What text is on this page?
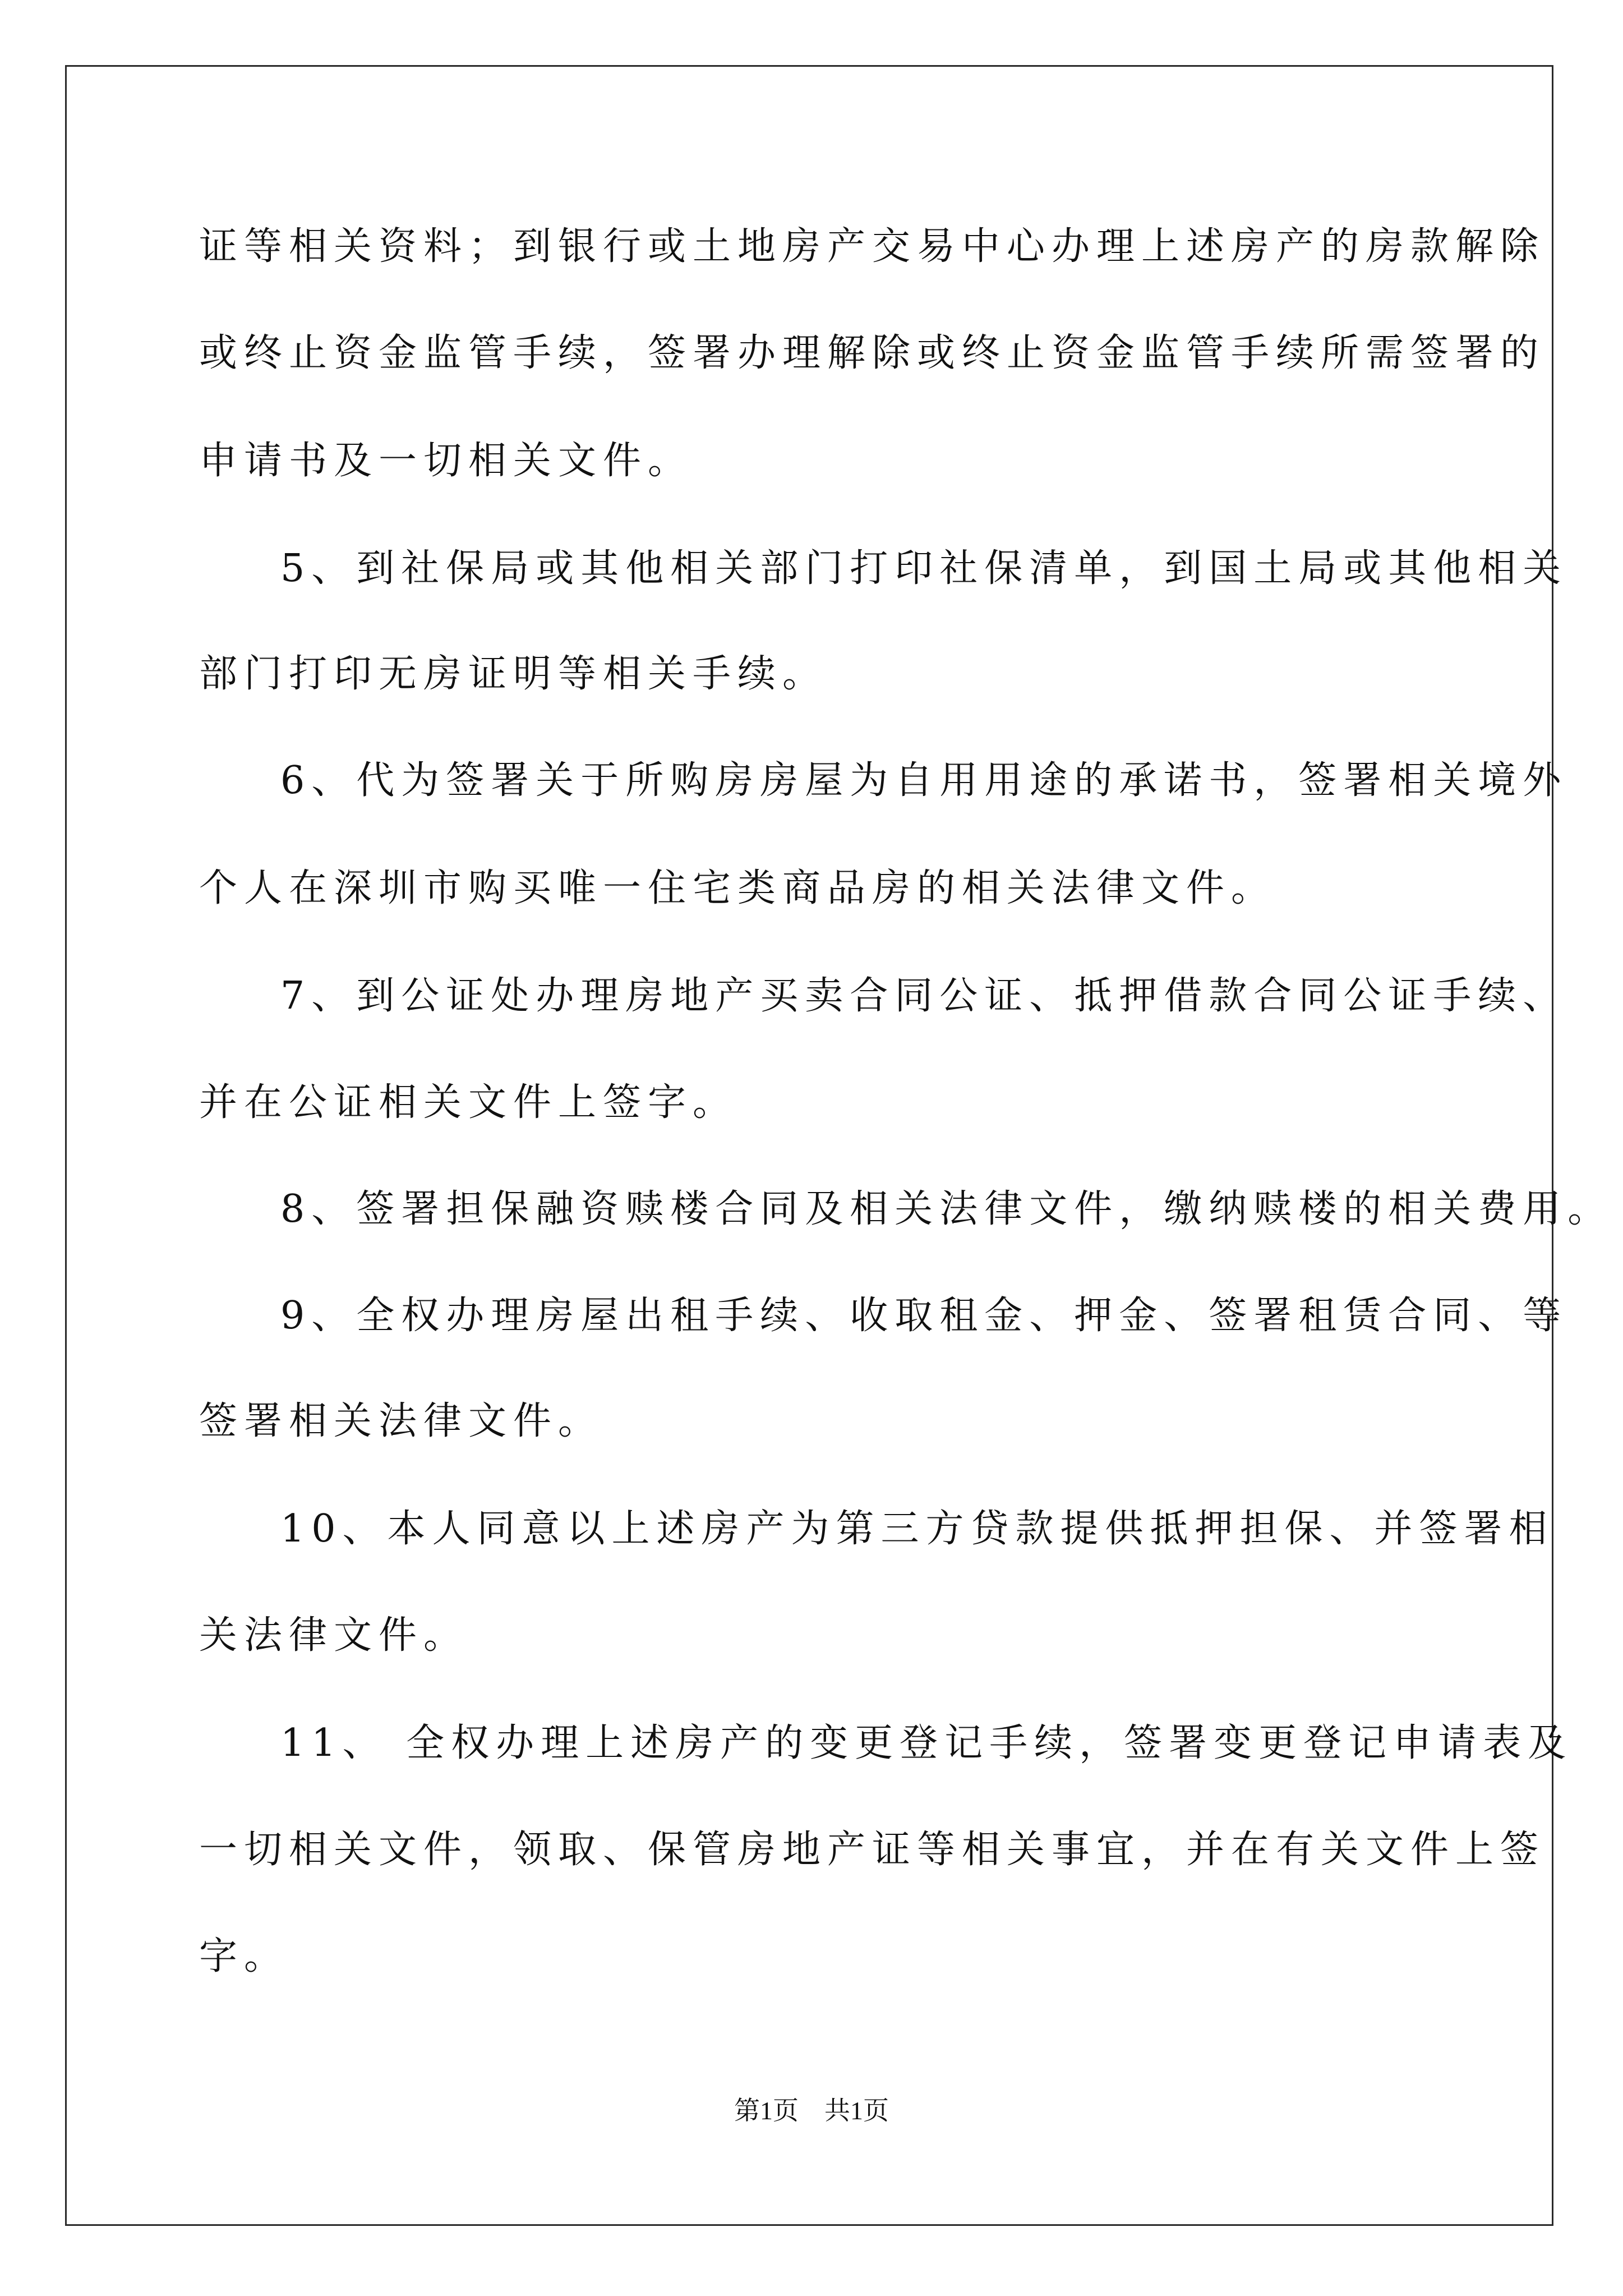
证等相关资料；到银行或土地房产交易中心办理上述房产的房款解除

或终止资金监管手续，签署办理解除或终止资金监管手续所需签署的

申请书及一切相关文件。

5、到社保局或其他相关部门打印社保清单，到国土局或其他相关

部门打印无房证明等相关手续。

6、代为签署关于所购房房屋为自用用途的承诺书，签署相关境外

个人在深圳市购买唯一住宅类商品房的相关法律文件。

7、到公证处办理房地产买卖合同公证、抵押借款合同公证手续、

并在公证相关文件上签字。

8、签署担保融资赎楼合同及相关法律文件，缴纳赎楼的相关费用。

9、全权办理房屋出租手续、收取租金、押金、签署租赁合同、等

签署相关法律文件。

10、本人同意以上述房产为第三方贷款提供抵押担保、并签署相

关法律文件。

11、 全权办理上述房产的变更登记手续，签署变更登记申请表及

一切相关文件，领取、保管房地产证等相关事宜，并在有关文件上签

字。

第1页　共1页
